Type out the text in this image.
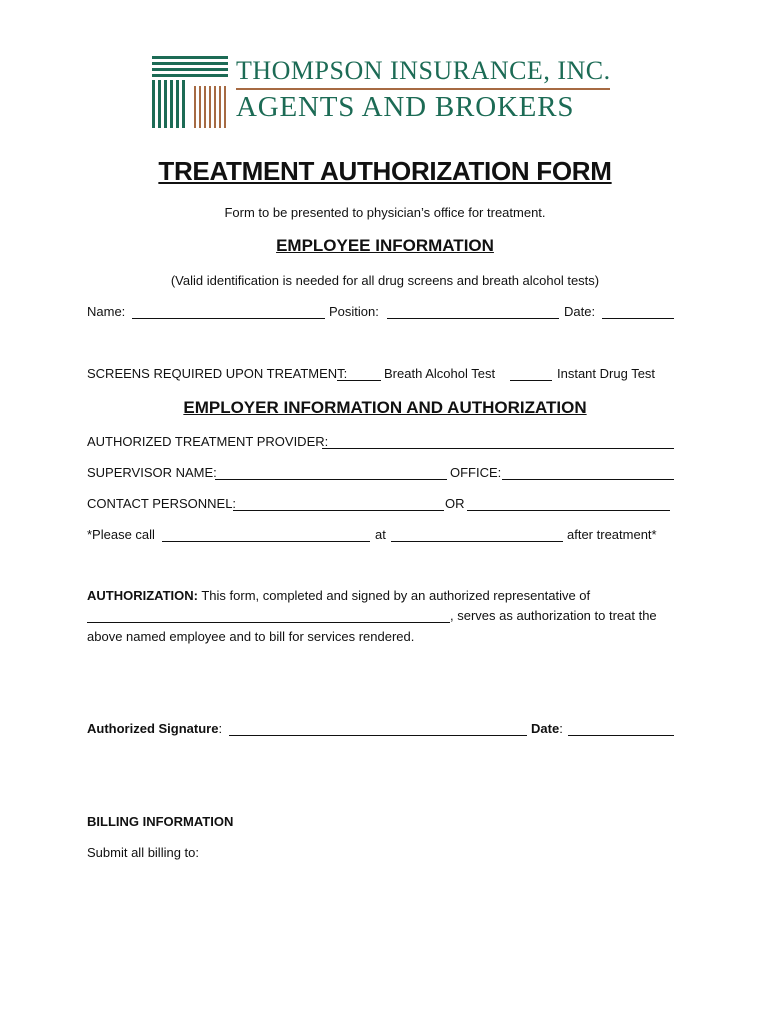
THOMPSON INSURANCE, INC.
AGENTS AND BROKERS
TREATMENT AUTHORIZATION FORM
Form to be presented to physician’s office for treatment.
EMPLOYEE INFORMATION
(Valid identification is needed for all drug screens and breath alcohol tests)
Name:	Position:	Date:
SCREENS REQUIRED UPON TREATMENT:	Breath Alcohol Test	Instant Drug Test
EMPLOYER INFORMATION AND AUTHORIZATION
AUTHORIZED TREATMENT PROVIDER:
SUPERVISOR NAME:	OFFICE:
CONTACT PERSONNEL:	OR
*Please call	at	after treatment*
AUTHORIZATION: This form, completed and signed by an authorized representative of
, serves as authorization to treat the
above named employee and to bill for services rendered.
Authorized Signature:	Date:
BILLING INFORMATION
Submit all billing to:
